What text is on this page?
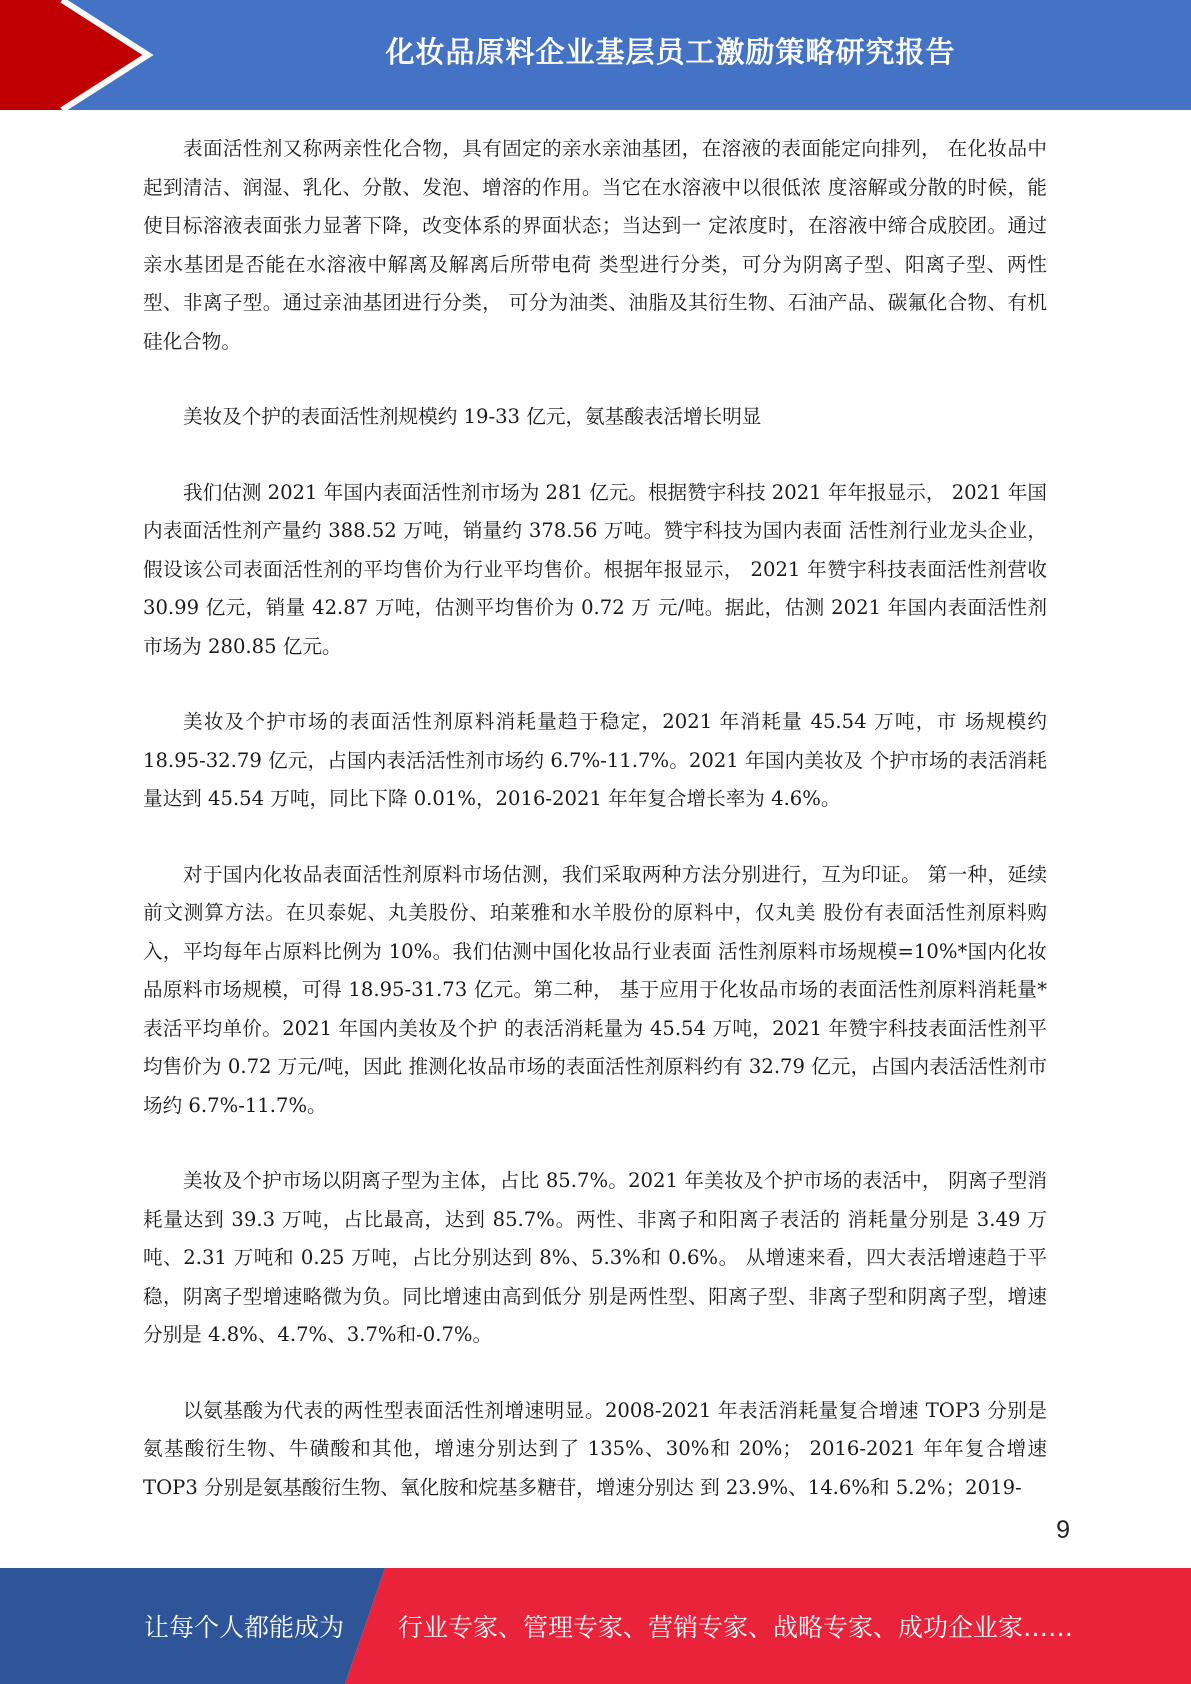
化妆品原料企业基层员工激励策略研究报告

表面活性剂又称两亲性化合物，具有固定的亲水亲油基团，在溶液的表面能定向排列， 在化妆品中起到清洁、润湿、乳化、分散、发泡、增溶的作用。当它在水溶液中以很低浓 度溶解或分散的时候，能使目标溶液表面张力显著下降，改变体系的界面状态；当达到一 定浓度时，在溶液中缔合成胶团。通过亲水基团是否能在水溶液中解离及解离后所带电荷 类型进行分类，可分为阴离子型、阳离子型、两性型、非离子型。通过亲油基团进行分类， 可分为油类、油脂及其衍生物、石油产品、碳氟化合物、有机硅化合物。

美妆及个护的表面活性剂规模约 19-33 亿元，氨基酸表活增长明显

我们估测 2021 年国内表面活性剂市场为 281 亿元。根据赞宇科技 2021 年年报显示， 2021 年国内表面活性剂产量约 388.52 万吨，销量约 378.56 万吨。赞宇科技为国内表面 活性剂行业龙头企业，假设该公司表面活性剂的平均售价为行业平均售价。根据年报显示， 2021 年赞宇科技表面活性剂营收 30.99 亿元，销量 42.87 万吨，估测平均售价为 0.72 万 元/吨。据此，估测 2021 年国内表面活性剂市场为 280.85 亿元。

美妆及个护市场的表面活性剂原料消耗量趋于稳定，2021 年消耗量 45.54 万吨，市 场规模约 18.95-32.79 亿元，占国内表活活性剂市场约 6.7%-11.7%。2021 年国内美妆及 个护市场的表活消耗量达到 45.54 万吨，同比下降 0.01%，2016-2021 年年复合增长率为 4.6%。

对于国内化妆品表面活性剂原料市场估测，我们采取两种方法分别进行，互为印证。 第一种，延续前文测算方法。在贝泰妮、丸美股份、珀莱雅和水羊股份的原料中，仅丸美 股份有表面活性剂原料购入，平均每年占原料比例为 10%。我们估测中国化妆品行业表面 活性剂原料市场规模=10%*国内化妆品原料市场规模，可得 18.95-31.73 亿元。第二种， 基于应用于化妆品市场的表面活性剂原料消耗量*表活平均单价。2021 年国内美妆及个护 的表活消耗量为 45.54 万吨，2021 年赞宇科技表面活性剂平均售价为 0.72 万元/吨，因此 推测化妆品市场的表面活性剂原料约有 32.79 亿元，占国内表活活性剂市场约 6.7%-11.7%。

美妆及个护市场以阴离子型为主体，占比 85.7%。2021 年美妆及个护市场的表活中， 阴离子型消耗量达到 39.3 万吨，占比最高，达到 85.7%。两性、非离子和阳离子表活的 消耗量分别是 3.49 万吨、2.31 万吨和 0.25 万吨，占比分别达到 8%、5.3%和 0.6%。 从增速来看，四大表活增速趋于平稳，阴离子型增速略微为负。同比增速由高到低分 别是两性型、阳离子型、非离子型和阴离子型，增速分别是 4.8%、4.7%、3.7%和-0.7%。

以氨基酸为代表的两性型表面活性剂增速明显。2008-2021 年表活消耗量复合增速 TOP3 分别是氨基酸衍生物、牛磺酸和其他，增速分别达到了 135%、30%和 20%； 2016-2021 年年复合增速 TOP3 分别是氨基酸衍生物、氧化胺和烷基多糖苷，增速分别达 到 23.9%、14.6%和 5.2%；2019-

9
让每个人都能成为 行业专家、管理专家、营销专家、战略专家、成功企业家……
